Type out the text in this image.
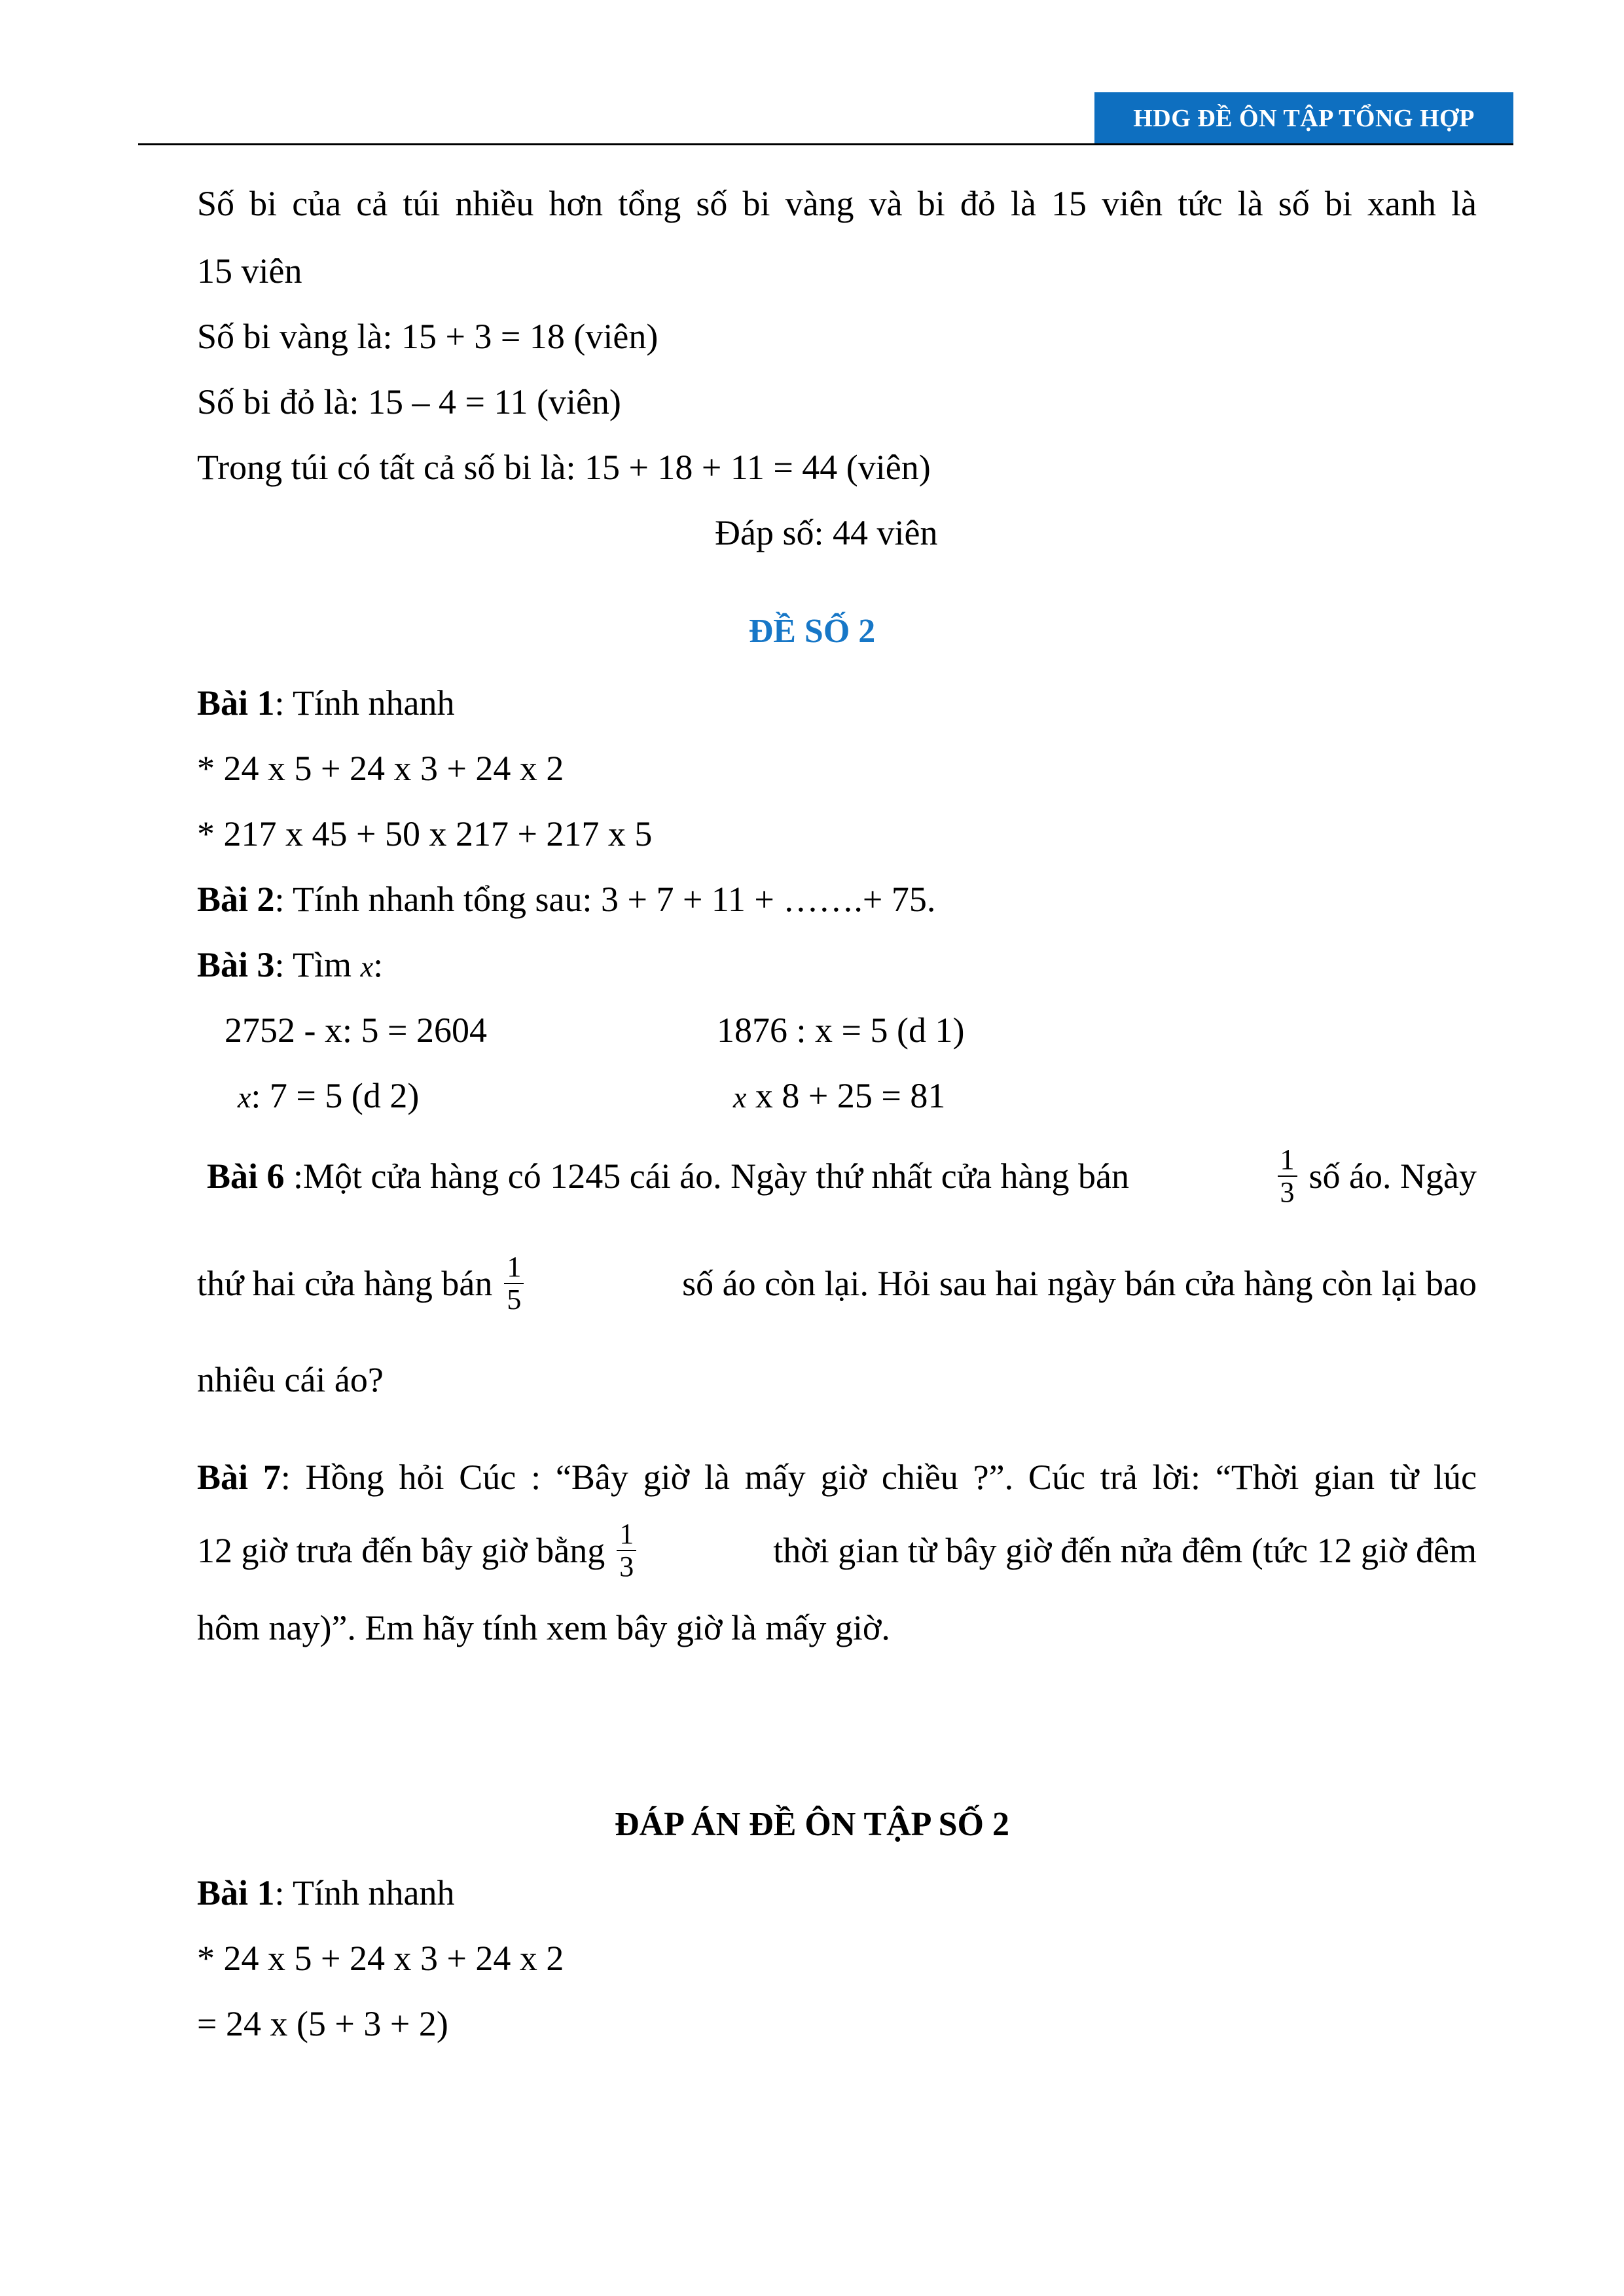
HDG ĐỀ ÔN TẬP TỔNG HỢP
Số bi của cả túi nhiều hơn tổng số bi vàng và bi đỏ là 15 viên tức là số bi xanh là
15 viên
Số bi vàng là: 15 + 3 = 18 (viên)
Số bi đỏ là: 15 – 4 = 11 (viên)
Trong túi có tất cả số bi là: 15 + 18 + 11 = 44 (viên)
Đáp số: 44 viên
ĐỀ SỐ 2
Bài 1: Tính nhanh
* 24 x 5 + 24 x 3 + 24 x 2
* 217 x 45 + 50 x 217 + 217 x 5
Bài 2: Tính nhanh tổng sau: 3 + 7 + 11 + …….+ 75.
Bài 3: Tìm x:
2752 - x: 5 = 2604	1876 : x = 5 (d 1)
x: 7 = 5 (d 2)	x x 8 + 25 = 81
Bài 6 :Một cửa hàng có 1245 cái áo. Ngày thứ nhất cửa hàng bán	$\frac{1}{3}$ số áo. Ngày
thứ hai cửa hàng bán $\frac{1}{5}$	số áo còn lại. Hỏi sau hai ngày bán cửa hàng còn lại bao
nhiêu cái áo?
Bài 7: Hồng hỏi Cúc : “Bây giờ là mấy giờ chiều ?”. Cúc trả lời: “Thời gian từ lúc
12 giờ trưa đến bây giờ bằng $\frac{1}{3}$	thời gian từ bây giờ đến nửa đêm (tức 12 giờ đêm
hôm nay)”. Em hãy tính xem bây giờ là mấy giờ.
ĐÁP ÁN ĐỀ ÔN TẬP SỐ 2
Bài 1: Tính nhanh
* 24 x 5 + 24 x 3 + 24 x 2
= 24 x (5 + 3 + 2)
